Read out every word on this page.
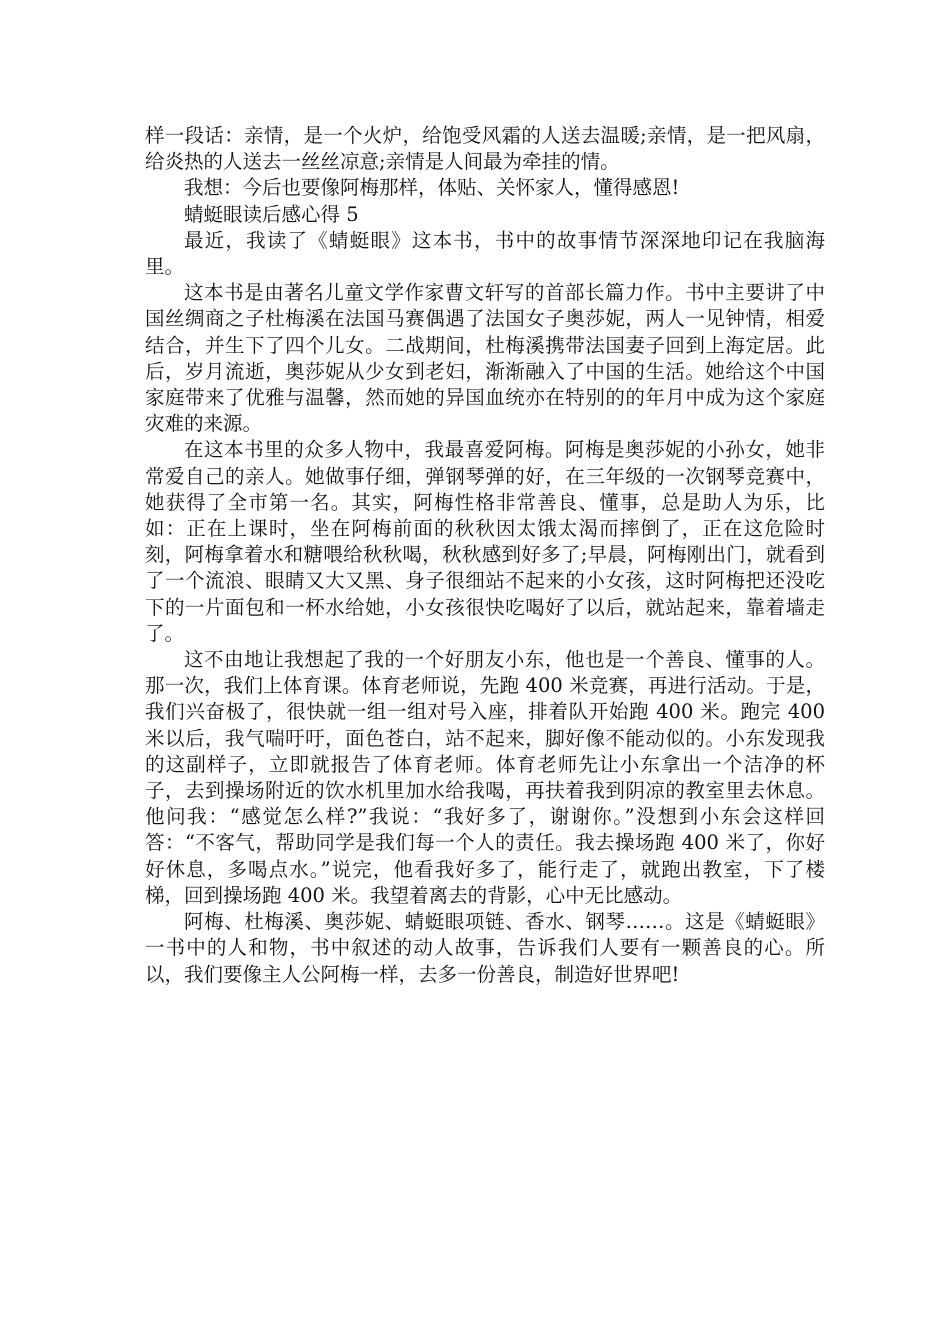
样一段话：亲情，是一个火炉，给饱受风霜的人送去温暖;亲情，是一把风扇，给炎热的人送去一丝丝凉意;亲情是人间最为牵挂的情。

我想：今后也要像阿梅那样，体贴、关怀家人，懂得感恩!

蜻蜓眼读后感心得 5

最近，我读了《蜻蜓眼》这本书，书中的故事情节深深地印记在我脑海里。

这本书是由著名儿童文学作家曹文轩写的首部长篇力作。书中主要讲了中国丝绸商之子杜梅溪在法国马赛偶遇了法国女子奥莎妮，两人一见钟情，相爱结合，并生下了四个儿女。二战期间，杜梅溪携带法国妻子回到上海定居。此后，岁月流逝，奥莎妮从少女到老妇，渐渐融入了中国的生活。她给这个中国家庭带来了优雅与温馨，然而她的异国血统亦在特别的的年月中成为这个家庭灾难的来源。

在这本书里的众多人物中，我最喜爱阿梅。阿梅是奥莎妮的小孙女，她非常爱自己的亲人。她做事仔细，弹钢琴弹的好，在三年级的一次钢琴竞赛中，她获得了全市第一名。其实，阿梅性格非常善良、懂事，总是助人为乐，比如：正在上课时，坐在阿梅前面的秋秋因太饿太渴而摔倒了，正在这危险时刻，阿梅拿着水和糖喂给秋秋喝，秋秋感到好多了;早晨，阿梅刚出门，就看到了一个流浪、眼睛又大又黑、身子很细站不起来的小女孩，这时阿梅把还没吃下的一片面包和一杯水给她，小女孩很快吃喝好了以后，就站起来，靠着墙走了。

这不由地让我想起了我的一个好朋友小东，他也是一个善良、懂事的人。那一次，我们上体育课。体育老师说，先跑 400 米竞赛，再进行活动。于是，我们兴奋极了，很快就一组一组对号入座，排着队开始跑 400 米。跑完 400 米以后，我气喘吁吁，面色苍白，站不起来，脚好像不能动似的。小东发现我的这副样子，立即就报告了体育老师。体育老师先让小东拿出一个洁净的杯子，去到操场附近的饮水机里加水给我喝，再扶着我到阴凉的教室里去休息。他问我：“感觉怎么样?”我说：“我好多了，谢谢你。”没想到小东会这样回答：“不客气，帮助同学是我们每一个人的责任。我去操场跑 400 米了，你好好休息，多喝点水。”说完，他看我好多了，能行走了，就跑出教室，下了楼梯，回到操场跑 400 米。我望着离去的背影，心中无比感动。

阿梅、杜梅溪、奥莎妮、蜻蜓眼项链、香水、钢琴……。这是《蜻蜓眼》一书中的人和物，书中叙述的动人故事，告诉我们人要有一颗善良的心。所以，我们要像主人公阿梅一样，去多一份善良，制造好世界吧!
